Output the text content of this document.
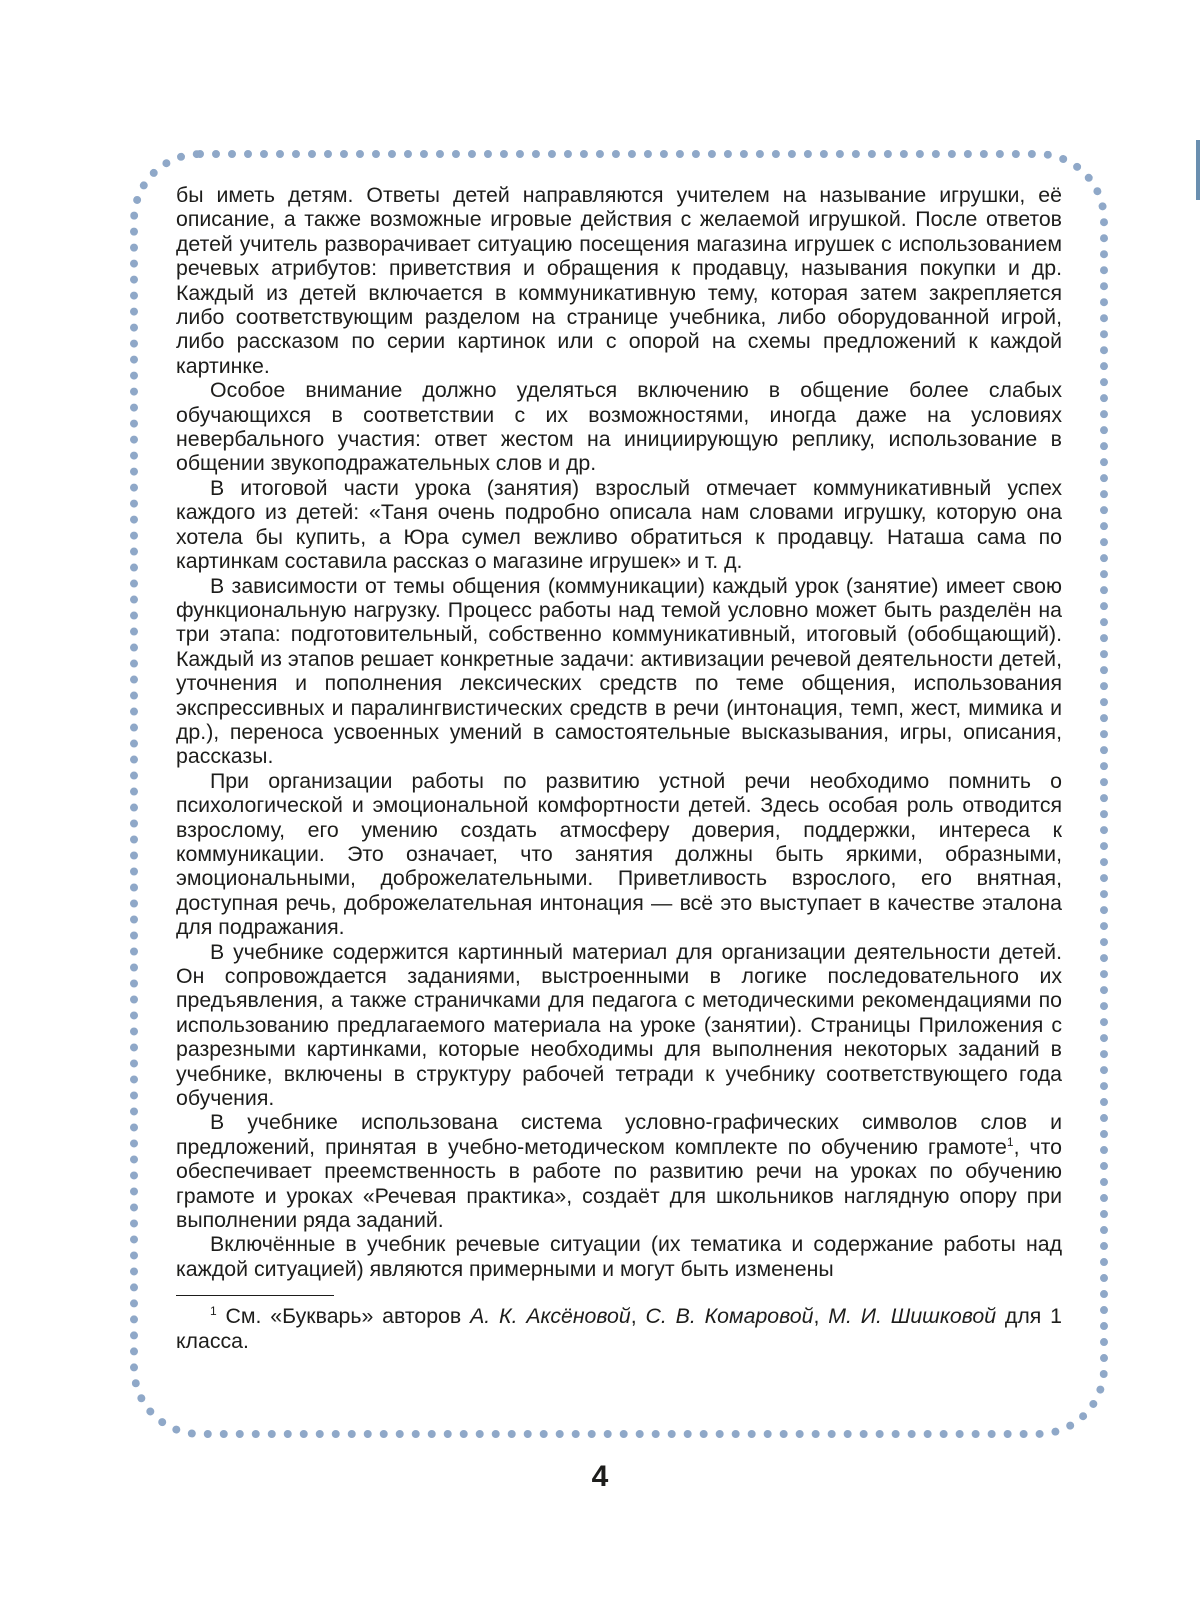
бы иметь детям. Ответы детей направляются учителем на называние игрушки, её описание, а также возможные игровые действия с желаемой игрушкой. После ответов детей учитель разворачивает ситуацию посещения магазина игрушек с использованием речевых атрибутов: приветствия и обращения к продавцу, называния покупки и др. Каждый из детей включается в коммуникативную тему, которая затем закрепляется либо соответствующим разделом на странице учебника, либо оборудованной игрой, либо рассказом по серии картинок или с опорой на схемы предложений к каждой картинке.

Особое внимание должно уделяться включению в общение более слабых обучающихся в соответствии с их возможностями, иногда даже на условиях невербального участия: ответ жестом на инициирующую реплику, использование в общении звукоподражательных слов и др.

В итоговой части урока (занятия) взрослый отмечает коммуникативный успех каждого из детей: «Таня очень подробно описала нам словами игрушку, которую она хотела бы купить, а Юра сумел вежливо обратиться к продавцу. Наташа сама по картинкам составила рассказ о магазине игрушек» и т. д.

В зависимости от темы общения (коммуникации) каждый урок (занятие) имеет свою функциональную нагрузку. Процесс работы над темой условно может быть разделён на три этапа: подготовительный, собственно коммуникативный, итоговый (обобщающий). Каждый из этапов решает конкретные задачи: активизации речевой деятельности детей, уточнения и пополнения лексических средств по теме общения, использования экспрессивных и паралингвистических средств в речи (интонация, темп, жест, мимика и др.), переноса усвоенных умений в самостоятельные высказывания, игры, описания, рассказы.

При организации работы по развитию устной речи необходимо помнить о психологической и эмоциональной комфортности детей. Здесь особая роль отводится взрослому, его умению создать атмосферу доверия, поддержки, интереса к коммуникации. Это означает, что занятия должны быть яркими, образными, эмоциональными, доброжелательными. Приветливость взрослого, его внятная, доступная речь, доброжелательная интонация — всё это выступает в качестве эталона для подражания.

В учебнике содержится картинный материал для организации деятельности детей. Он сопровождается заданиями, выстроенными в логике последовательного их предъявления, а также страничками для педагога с методическими рекомендациями по использованию предлагаемого материала на уроке (занятии). Страницы Приложения с разрезными картинками, которые необходимы для выполнения некоторых заданий в учебнике, включены в структуру рабочей тетради к учебнику соответствующего года обучения.

В учебнике использована система условно-графических символов слов и предложений, принятая в учебно-методическом комплекте по обучению грамоте$^1$, что обеспечивает преемственность в работе по развитию речи на уроках по обучению грамоте и уроках «Речевая практика», создаёт для школьников наглядную опору при выполнении ряда заданий.

Включённые в учебник речевые ситуации (их тематика и содержание работы над каждой ситуацией) являются примерными и могут быть изменены

$^1$ См. «Букварь» авторов А. К. Аксёновой, С. В. Комаровой, М. И. Шишковой для 1 класса.

4
